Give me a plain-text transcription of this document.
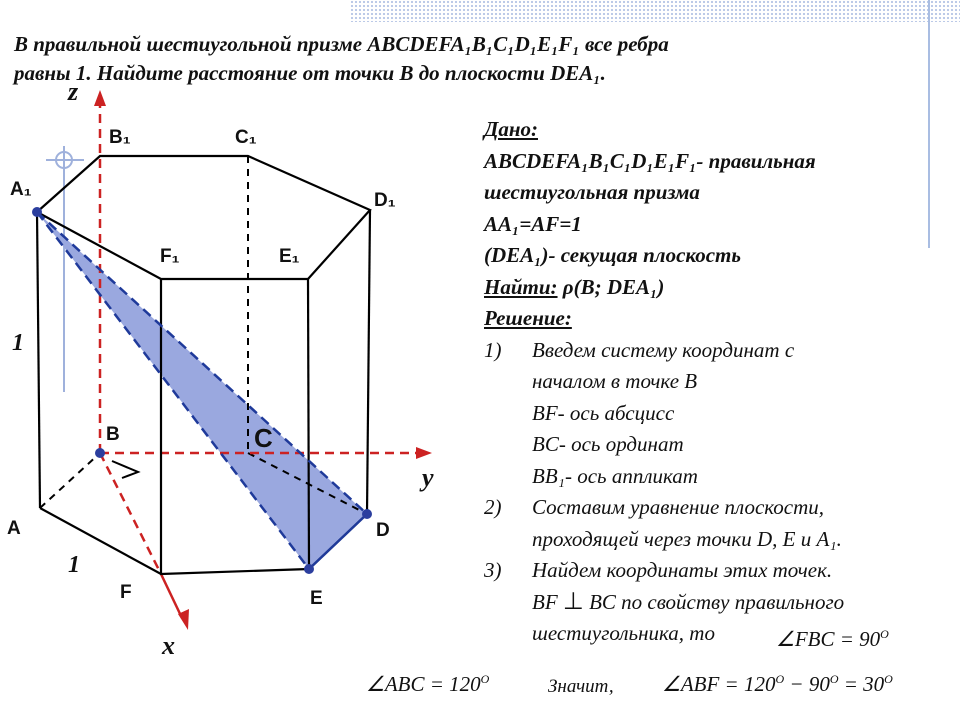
В правильной шестиугольной призме ABCDEFA₁B₁C₁D₁E₁F₁ все ребра
равны 1. Найдите расстояние от точки B до плоскости DEA₁.
A₁
B₁	C₁
D₁
F₁	E₁
B	C
A	D
E
F
z
y
x
1
1
Дано:
ABCDEFA₁B₁C₁D₁E₁F₁- правильная
шестиугольная призма
AA₁=AF=1
(DEA₁)- секущая плоскость
Найти: ρ(B; DEA₁)
Решение:
1) Введем систему координат с
началом в точке B
BF- ось абсцисс
BC- ось ординат
BB₁- ось аппликат
2) Составим уравнение плоскости,
проходящей через точки D, E и A₁.
3) Найдем координаты этих точек.
BF ⊥ BC по свойству правильного
шестиугольника, то	∠FBC = $90^O$
∠ABC = $120^O$	Значит, ∠ABF = $120^O - 90^O = 30^O$
